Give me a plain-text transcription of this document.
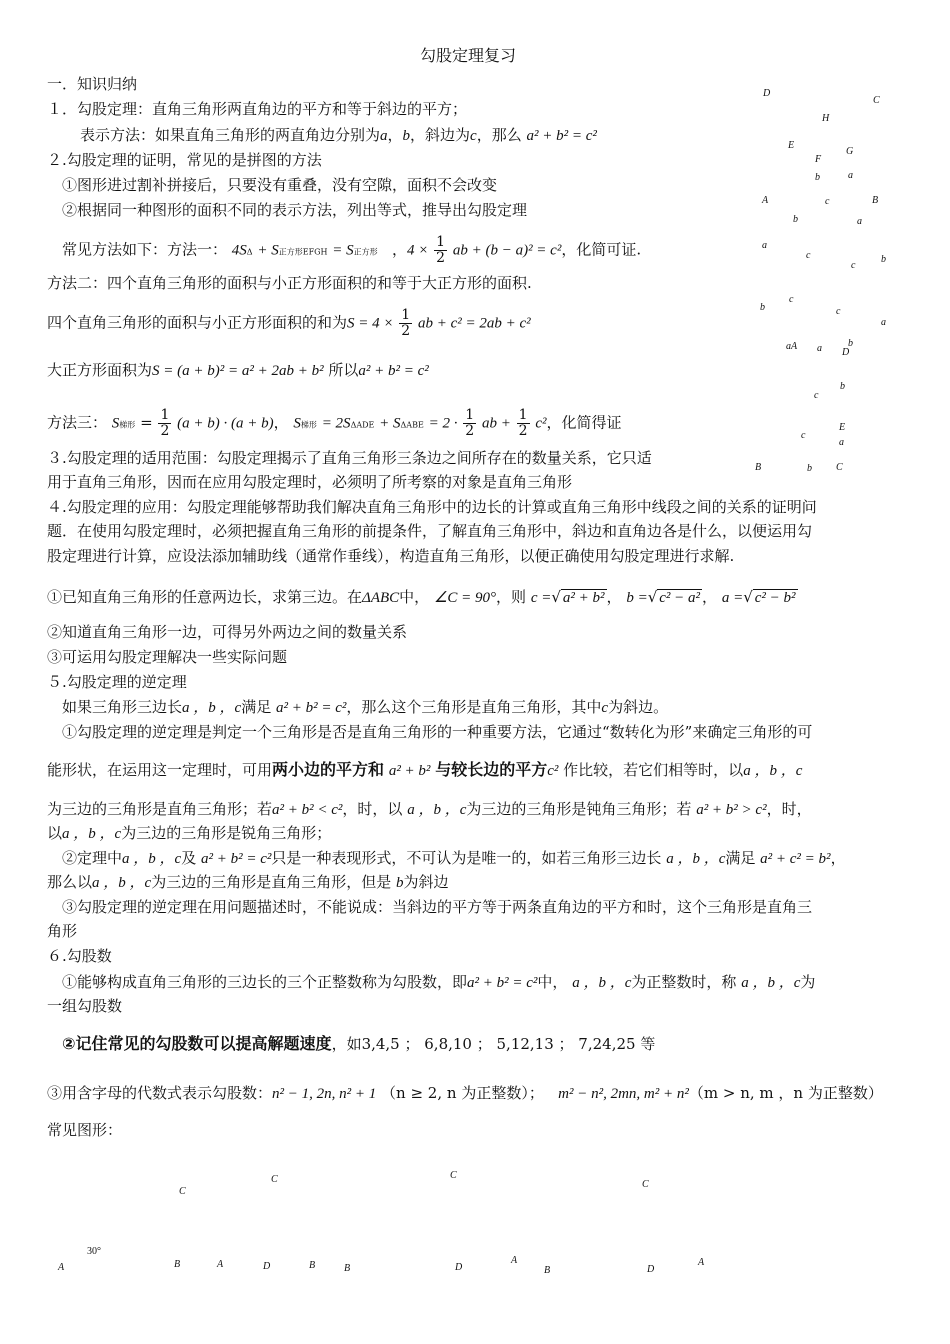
勾股定理复习
一．知识归纳
１．勾股定理：直角三角形两直角边的平方和等于斜边的平方；
表示方法：如果直角三角形的两直角边分别为a，b，斜边为c，那么 a² + b² = c²
２.勾股定理的证明，常见的是拼图的方法
①图形进过割补拼接后，只要没有重叠，没有空隙，面积不会改变
②根据同一种图形的面积不同的表示方法，列出等式，推导出勾股定理
常见方法如下：方法一： 4SΔ + S正方形EFGH = S正方形   ，$4 \times \frac{1}{2}$ ab + (b − a)² = c²，化简可证.
方法二：四个直角三角形的面积与小正方形面积的和等于大正方形的面积.
四个直角三角形的面积与小正方形面积的和为$S = 4 \times \frac{1}{2}$ ab + c² = 2ab + c²
大正方形面积为S = (a + b)² = a² + 2ab + b² 所以a² + b² = c²
方法三： S梯形 = $\frac{1}{2} (a + b) \cdot (a + b)$， S梯形 = $2S\Delta ADE + S\Delta ABE = 2 \cdot \frac{1}{2}$ ab + $\frac{1}{2} c^2$，化简得证
３.勾股定理的适用范围：勾股定理揭示了直角三角形三条边之间所存在的数量关系，它只适
用于直角三角形，因而在应用勾股定理时，必须明了所考察的对象是直角三角形
４.勾股定理的应用：勾股定理能够帮助我们解决直角三角形中的边长的计算或直角三角形中线段之间的关系的证明问
题．在使用勾股定理时，必须把握直角三角形的前提条件，了解直角三角形中，斜边和直角边各是什么，以便运用勾
股定理进行计算，应设法添加辅助线（通常作垂线），构造直角三角形，以便正确使用勾股定理进行求解.
①已知直角三角形的任意两边长，求第三边。在ΔABC中， ∠C = 90°，则 c =√ a² + b² ， b =√ c² − a² ， a =√ c² − b²
②知道直角三角形一边，可得另外两边之间的数量关系
③可运用勾股定理解决一些实际问题
５.勾股定理的逆定理
如果三角形三边长a ，b ，c满足 a² + b² = c²，那么这个三角形是直角三角形，其中c为斜边。
①勾股定理的逆定理是判定一个三角形是否是直角三角形的一种重要方法，它通过“数转化为形”来确定三角形的可
能形状，在运用这一定理时，可用两小边的平方和 a² + b² 与较长边的平方c² 作比较，若它们相等时，以a ，b ，c
为三边的三角形是直角三角形；若a² + b² < c²，时，以 a ，b ，c为三边的三角形是钝角三角形；若 a² + b² > c²，时，
以a ，b ，c为三边的三角形是锐角三角形；
②定理中a ，b ，c及 a² + b² = c²只是一种表现形式，不可认为是唯一的，如若三角形三边长 a ，b ，c满足 a² + c² = b²，
那么以a ，b ，c为三边的三角形是直角三角形，但是 b为斜边
③勾股定理的逆定理在用问题描述时，不能说成：当斜边的平方等于两条直角边的平方和时，这个三角形是直角三
角形
６.勾股数
①能够构成直角三角形的三边长的三个正整数称为勾股数，即a² + b² = c²中， a ，b ，c为正整数时，称 a ，b ，c为
一组勾股数
②记住常见的勾股数可以提高解题速度，如3,4,5 ； 6,8,10 ； 5,12,13 ； 7,24,25 等
③用含字母的代数式表示勾股数：n² − 1, 2n, n² + 1 （n ≥ 2, n 为正整数）； m² − n², 2mn, m² + n²（m > n, m ，n 为正整数）
常见图形：
D
C
H
E
G
F
b	a
A	c	B
b	a
a
c
c
b
b
c
c
a
aA a	b
D
c
b
c
E
a
B	b C
C
C	C
C
30°
A	B	A	D	B	B	D
A
B	D
A
